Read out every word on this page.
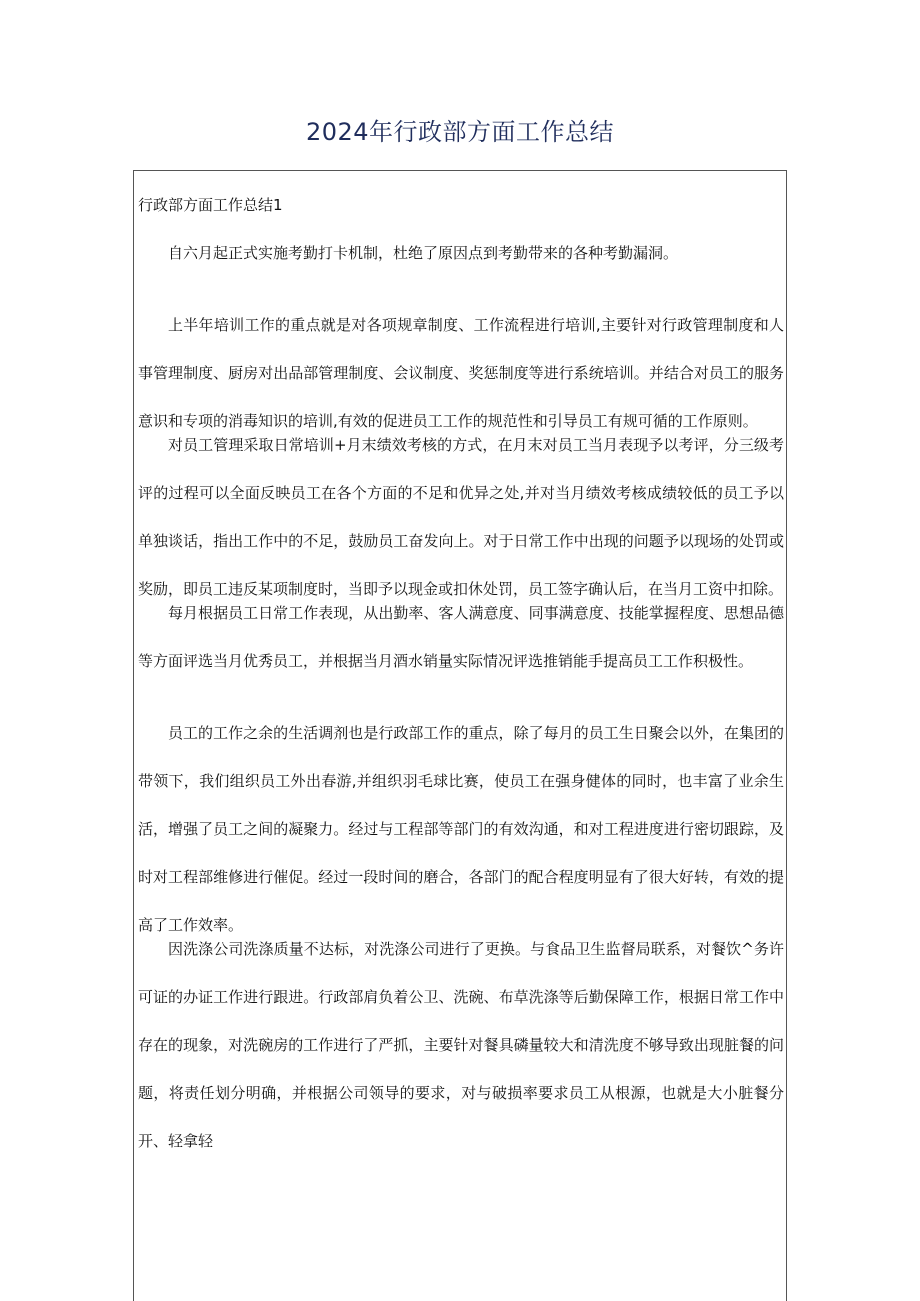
2024年行政部方面工作总结
行政部方面工作总结1

自六月起正式实施考勤打卡机制，杜绝了原因点到考勤带来的各种考勤漏洞。

上半年培训工作的重点就是对各项规章制度、工作流程进行培训,主要针对行政管理制度和人事管理制度、厨房对出品部管理制度、会议制度、奖惩制度等进行系统培训。并结合对员工的服务意识和专项的消毒知识的培训,有效的促进员工工作的规范性和引导员工有规可循的工作原则。

对员工管理采取日常培训+月末绩效考核的方式，在月末对员工当月表现予以考评，分三级考评的过程可以全面反映员工在各个方面的不足和优异之处,并对当月绩效考核成绩较低的员工予以单独谈话，指出工作中的不足，鼓励员工奋发向上。对于日常工作中出现的问题予以现场的处罚或奖励，即员工违反某项制度时，当即予以现金或扣休处罚，员工签字确认后，在当月工资中扣除。

每月根据员工日常工作表现，从出勤率、客人满意度、同事满意度、技能掌握程度、思想品德等方面评选当月优秀员工，并根据当月酒水销量实际情况评选推销能手提高员工工作积极性。

员工的工作之余的生活调剂也是行政部工作的重点，除了每月的员工生日聚会以外，在集团的带领下，我们组织员工外出春游,并组织羽毛球比赛，使员工在强身健体的同时，也丰富了业余生活，增强了员工之间的凝聚力。经过与工程部等部门的有效沟通，和对工程进度进行密切跟踪，及时对工程部维修进行催促。经过一段时间的磨合，各部门的配合程度明显有了很大好转，有效的提高了工作效率。

因洗涤公司洗涤质量不达标，对洗涤公司进行了更换。与食品卫生监督局联系，对餐饮^务许可证的办证工作进行跟进。行政部肩负着公卫、洗碗、布草洗涤等后勤保障工作，根据日常工作中存在的现象，对洗碗房的工作进行了严抓，主要针对餐具磷量较大和清洗度不够导致出现脏餐的问题，将责任划分明确，并根据公司领导的要求，对与破损率要求员工从根源，也就是大小脏餐分开、轻拿轻
